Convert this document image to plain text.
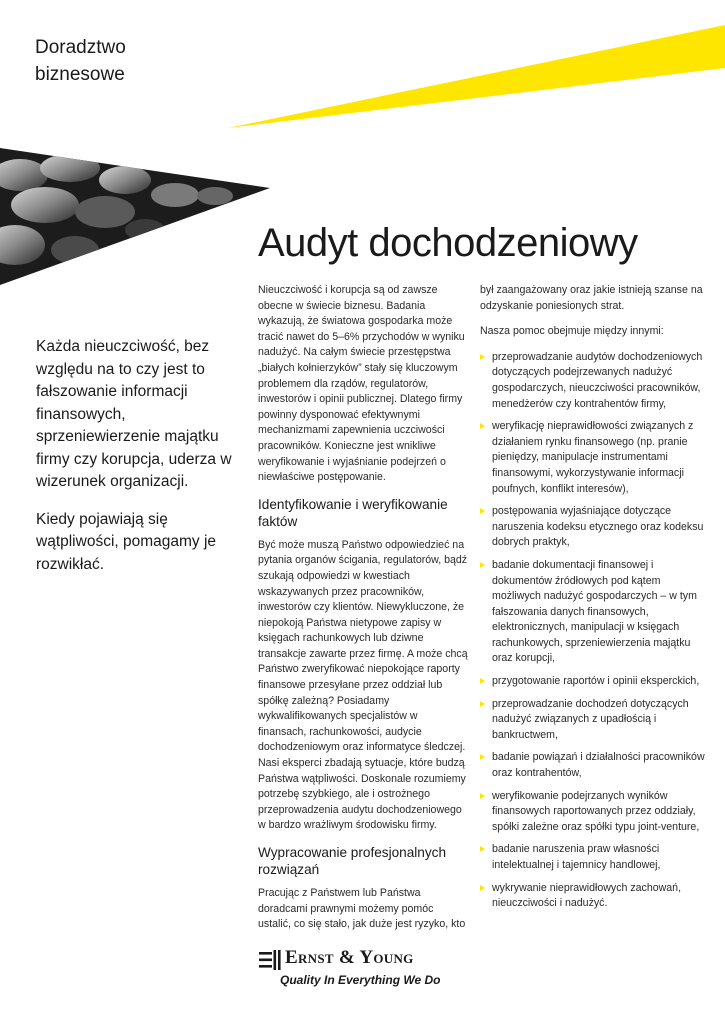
Doradztwo
biznesowe
Audyt dochodzeniowy

Każda nieuczciwość, bez względu na to czy jest to fałszowanie informacji finansowych, sprzeniewierzenie majątku firmy czy korupcja, uderza w wizerunek organizacji.

Kiedy pojawiają się wątpliwości, pomagamy je rozwikłać.

Nieuczciwość i korupcja są od zawsze obecne w świecie biznesu. Badania wykazują, że światowa gospodarka może tracić nawet do 5–6% przychodów w wyniku nadużyć. Na całym świecie przestępstwa „białych kołnierzyków” stały się kluczowym problemem dla rządów, regulatorów, inwestorów i opinii publicznej. Dlatego firmy powinny dysponować efektywnymi mechanizmami zapewnienia uczciwości pracowników. Konieczne jest wnikliwe weryfikowanie i wyjaśnianie podejrzeń o niewłaściwe postępowanie.

Identyfikowanie i weryfikowanie faktów

Być może muszą Państwo odpowiedzieć na pytania organów ścigania, regulatorów, bądź szukają odpowiedzi w kwestiach wskazywanych przez pracowników, inwestorów czy klientów. Niewykluczone, że niepokoją Państwa nietypowe zapisy w księgach rachunkowych lub dziwne transakcje zawarte przez firmę. A może chcą Państwo zweryfikować niepokojące raporty finansowe przesyłane przez oddział lub spółkę zależną? Posiadamy wykwalifikowanych specjalistów w finansach, rachunkowości, audycie dochodzeniowym oraz informatyce śledczej. Nasi eksperci zbadają sytuacje, które budzą Państwa wątpliwości. Doskonale rozumiemy potrzebę szybkiego, ale i ostrożnego przeprowadzenia audytu dochodzeniowego w bardzo wrażliwym środowisku firmy.

Wypracowanie profesjonalnych rozwiązań

Pracując z Państwem lub Państwa doradcami prawnymi możemy pomóc ustalić, co się stało, jak duże jest ryzyko, kto

był zaangażowany oraz jakie istnieją szanse na odzyskanie poniesionych strat.

Nasza pomoc obejmuje między innymi:

przeprowadzanie audytów dochodzeniowych dotyczących podejrzewanych nadużyć gospodarczych, nieuczciwości pracowników, menedżerów czy kontrahentów firmy,
weryfikację nieprawidłowości związanych z działaniem rynku finansowego (np. pranie pieniędzy, manipulacje instrumentami finansowymi, wykorzystywanie informacji poufnych, konflikt interesów),
postępowania wyjaśniające dotyczące naruszenia kodeksu etycznego oraz kodeksu dobrych praktyk,
badanie dokumentacji finansowej i dokumentów źródłowych pod kątem możliwych nadużyć gospodarczych – w tym fałszowania danych finansowych, elektronicznych, manipulacji w księgach rachunkowych, sprzeniewierzenia majątku oraz korupcji,
przygotowanie raportów i opinii eksperckich,
przeprowadzanie dochodzeń dotyczących nadużyć związanych z upadłością i bankructwem,
badanie powiązań i działalności pracowników oraz kontrahentów,
weryfikowanie podejrzanych wyników finansowych raportowanych przez oddziały, spółki zależne oraz spółki typu joint-venture,
badanie naruszenia praw własności intelektualnej i tajemnicy handlowej,
wykrywanie nieprawidłowych zachowań, nieuczciwości i nadużyć.
Ernst & Young
Quality In Everything We Do
